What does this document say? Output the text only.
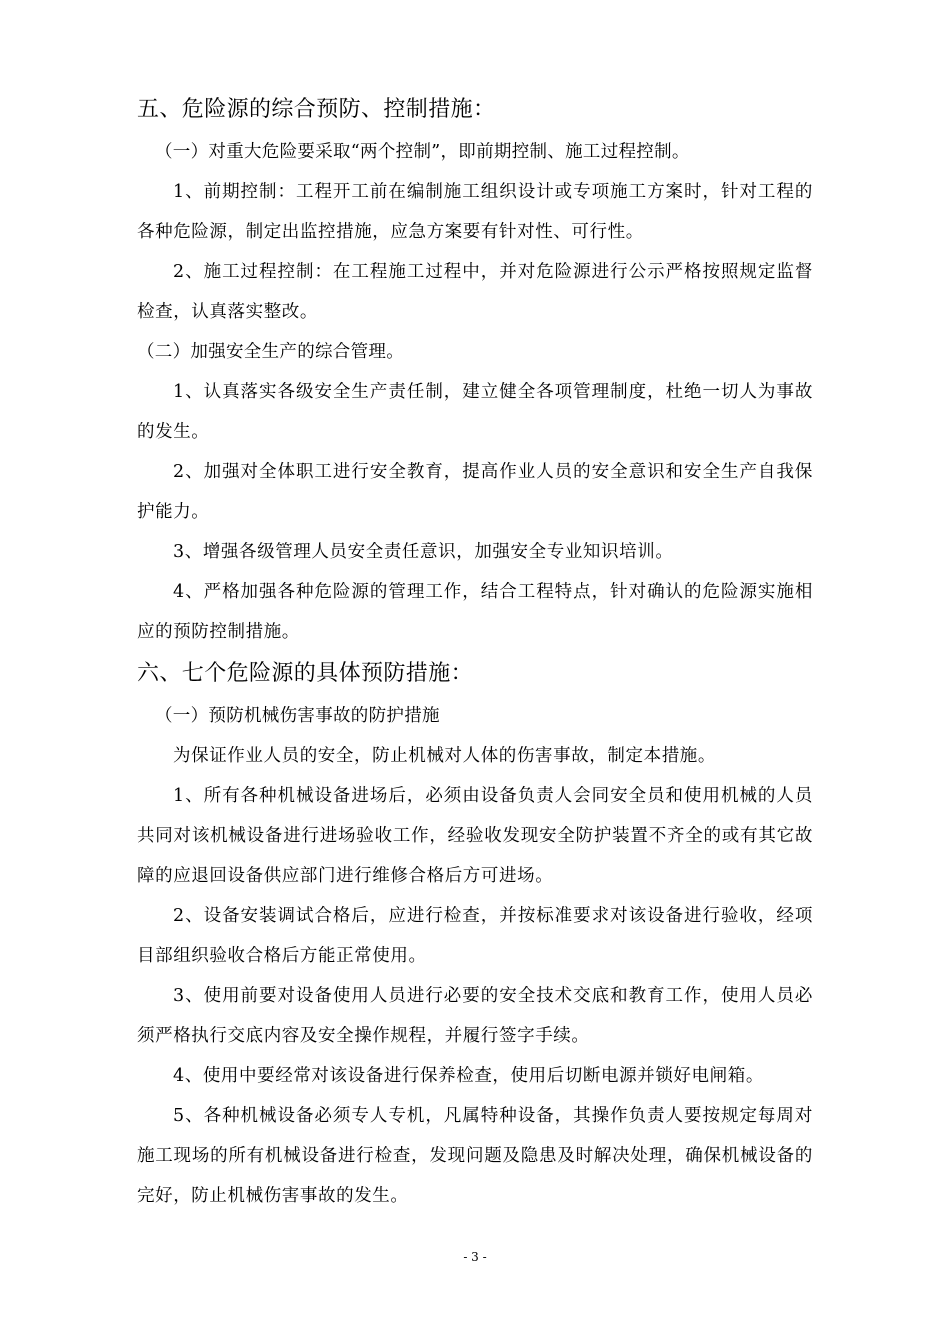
五、危险源的综合预防、控制措施：

（一）对重大危险要采取“两个控制”，即前期控制、施工过程控制。

1、前期控制：工程开工前在编制施工组织设计或专项施工方案时，针对工程的各种危险源，制定出监控措施，应急方案要有针对性、可行性。

2、施工过程控制：在工程施工过程中，并对危险源进行公示严格按照规定监督检查，认真落实整改。

（二）加强安全生产的综合管理。

1、认真落实各级安全生产责任制，建立健全各项管理制度，杜绝一切人为事故的发生。

2、加强对全体职工进行安全教育，提高作业人员的安全意识和安全生产自我保护能力。

3、增强各级管理人员安全责任意识，加强安全专业知识培训。

4、严格加强各种危险源的管理工作，结合工程特点，针对确认的危险源实施相应的预防控制措施。

六、七个危险源的具体预防措施：

（一）预防机械伤害事故的防护措施

为保证作业人员的安全，防止机械对人体的伤害事故，制定本措施。

1、所有各种机械设备进场后，必须由设备负责人会同安全员和使用机械的人员共同对该机械设备进行进场验收工作，经验收发现安全防护装置不齐全的或有其它故障的应退回设备供应部门进行维修合格后方可进场。

2、设备安装调试合格后，应进行检查，并按标准要求对该设备进行验收，经项目部组织验收合格后方能正常使用。

3、使用前要对设备使用人员进行必要的安全技术交底和教育工作，使用人员必须严格执行交底内容及安全操作规程，并履行签字手续。

4、使用中要经常对该设备进行保养检查，使用后切断电源并锁好电闸箱。

5、各种机械设备必须专人专机，凡属特种设备，其操作负责人要按规定每周对施工现场的所有机械设备进行检查，发现问题及隐患及时解决处理，确保机械设备的完好，防止机械伤害事故的发生。

- 3 -
